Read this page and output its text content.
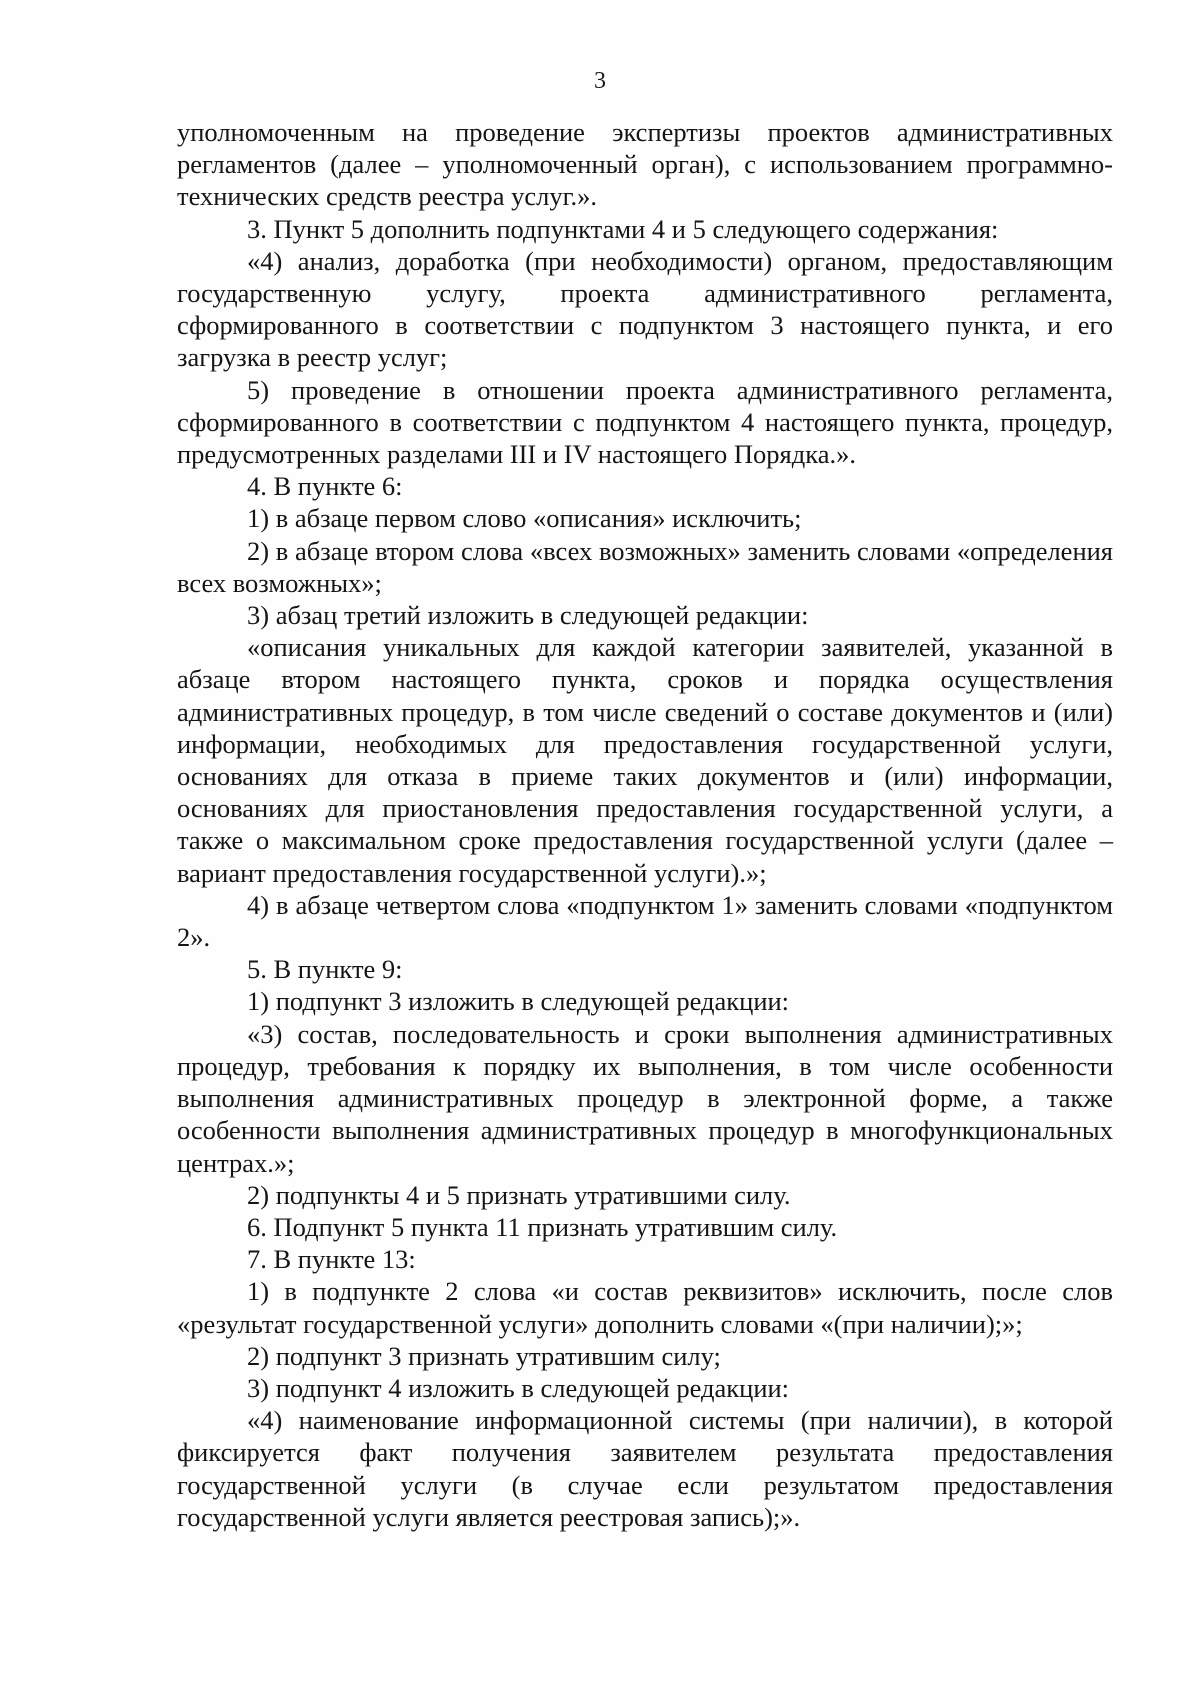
3

уполномоченным на проведение экспертизы проектов административных регламентов (далее – уполномоченный орган), с использованием программно-технических средств реестра услуг.».

3. Пункт 5 дополнить подпунктами 4 и 5 следующего содержания:

«4) анализ, доработка (при необходимости) органом, предоставляющим государственную услугу, проекта административного регламента, сформированного в соответствии с подпунктом 3 настоящего пункта, и его загрузка в реестр услуг;

5) проведение в отношении проекта административного регламента, сформированного в соответствии с подпунктом 4 настоящего пункта, процедур, предусмотренных разделами III и IV настоящего Порядка.».

4. В пункте 6:

1) в абзаце первом слово «описания» исключить;

2) в абзаце втором слова «всех возможных» заменить словами «определения всех возможных»;

3) абзац третий изложить в следующей редакции:

«описания уникальных для каждой категории заявителей, указанной в абзаце втором настоящего пункта, сроков и порядка осуществления административных процедур, в том числе сведений о составе документов и (или) информации, необходимых для предоставления государственной услуги, основаниях для отказа в приеме таких документов и (или) информации, основаниях для приостановления предоставления государственной услуги, а также о максимальном сроке предоставления государственной услуги (далее – вариант предоставления государственной услуги).»;

4) в абзаце четвертом слова «подпунктом 1» заменить словами «подпунктом 2».

5. В пункте 9:

1) подпункт 3 изложить в следующей редакции:

«3) состав, последовательность и сроки выполнения административных процедур, требования к порядку их выполнения, в том числе особенности выполнения административных процедур в электронной форме, а также особенности выполнения административных процедур в многофункциональных центрах.»;

2) подпункты 4 и 5 признать утратившими силу.

6. Подпункт 5 пункта 11 признать утратившим силу.

7. В пункте 13:

1) в подпункте 2 слова «и состав реквизитов» исключить, после слов «результат государственной услуги» дополнить словами «(при наличии);»;

2) подпункт 3 признать утратившим силу;

3) подпункт 4 изложить в следующей редакции:

«4) наименование информационной системы (при наличии), в которой фиксируется факт получения заявителем результата предоставления государственной услуги (в случае если результатом предоставления государственной услуги является реестровая запись);».
